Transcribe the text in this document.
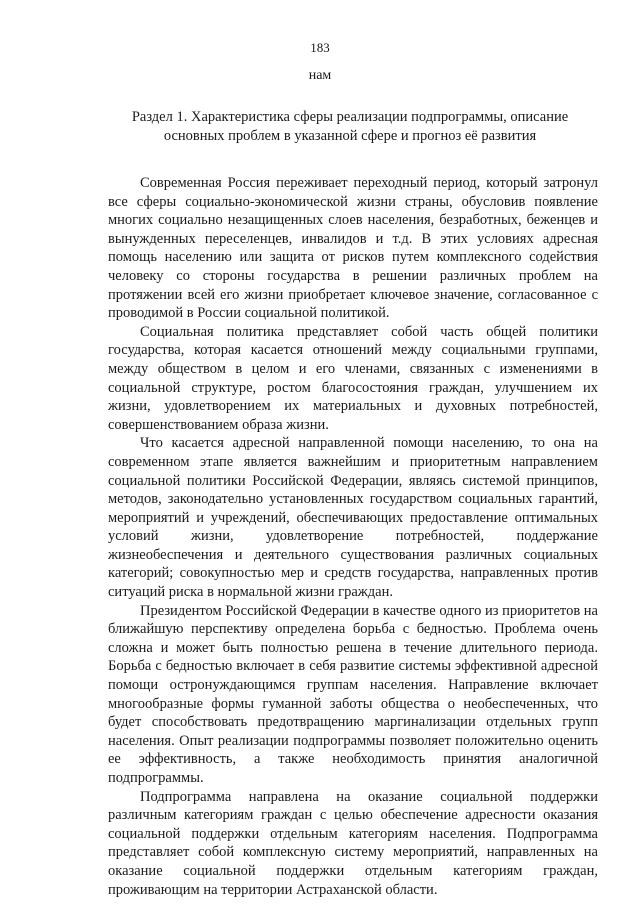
183
нам
Раздел 1. Характеристика сферы реализации подпрограммы, описание основных проблем в указанной сфере и прогноз её развития

Современная Россия переживает переходный период, который затронул все сферы социально-экономической жизни страны, обусловив появление многих социально незащищенных слоев населения, безработных, беженцев и вынужденных переселенцев, инвалидов и т.д. В этих условиях адресная помощь населению или защита от рисков путем комплексного содействия человеку со стороны государства в решении различных проблем на протяжении всей его жизни приобретает ключевое значение, согласованное с проводимой в России социальной политикой.

Социальная политика представляет собой часть общей политики государства, которая касается отношений между социальными группами, между обществом в целом и его членами, связанных с изменениями в социальной структуре, ростом благосостояния граждан, улучшением их жизни, удовлетворением их материальных и духовных потребностей, совершенствованием образа жизни.

Что касается адресной направленной помощи населению, то она на современном этапе является важнейшим и приоритетным направлением социальной политики Российской Федерации, являясь системой принципов, методов, законодательно установленных государством социальных гарантий, мероприятий и учреждений, обеспечивающих предоставление оптимальных условий жизни, удовлетворение потребностей, поддержание жизнеобеспечения и деятельного существования различных социальных категорий; совокупностью мер и средств государства, направленных против ситуаций риска в нормальной жизни граждан.

Президентом Российской Федерации в качестве одного из приоритетов на ближайшую перспективу определена борьба с бедностью. Проблема очень сложна и может быть полностью решена в течение длительного периода. Борьба с бедностью включает в себя развитие системы эффективной адресной помощи остронуждающимся группам населения. Направление включает многообразные формы гуманной заботы общества о необеспеченных, что будет способствовать предотвращению маргинализации отдельных групп населения. Опыт реализации подпрограммы позволяет положительно оценить ее эффективность, а также необходимость принятия аналогичной подпрограммы.

Подпрограмма направлена на оказание социальной поддержки различным категориям граждан с целью обеспечение адресности оказания социальной поддержки отдельным категориям населения. Подпрограмма представляет собой комплексную систему мероприятий, направленных на оказание социальной поддержки отдельным категориям граждан, проживающим на территории Астраханской области.
